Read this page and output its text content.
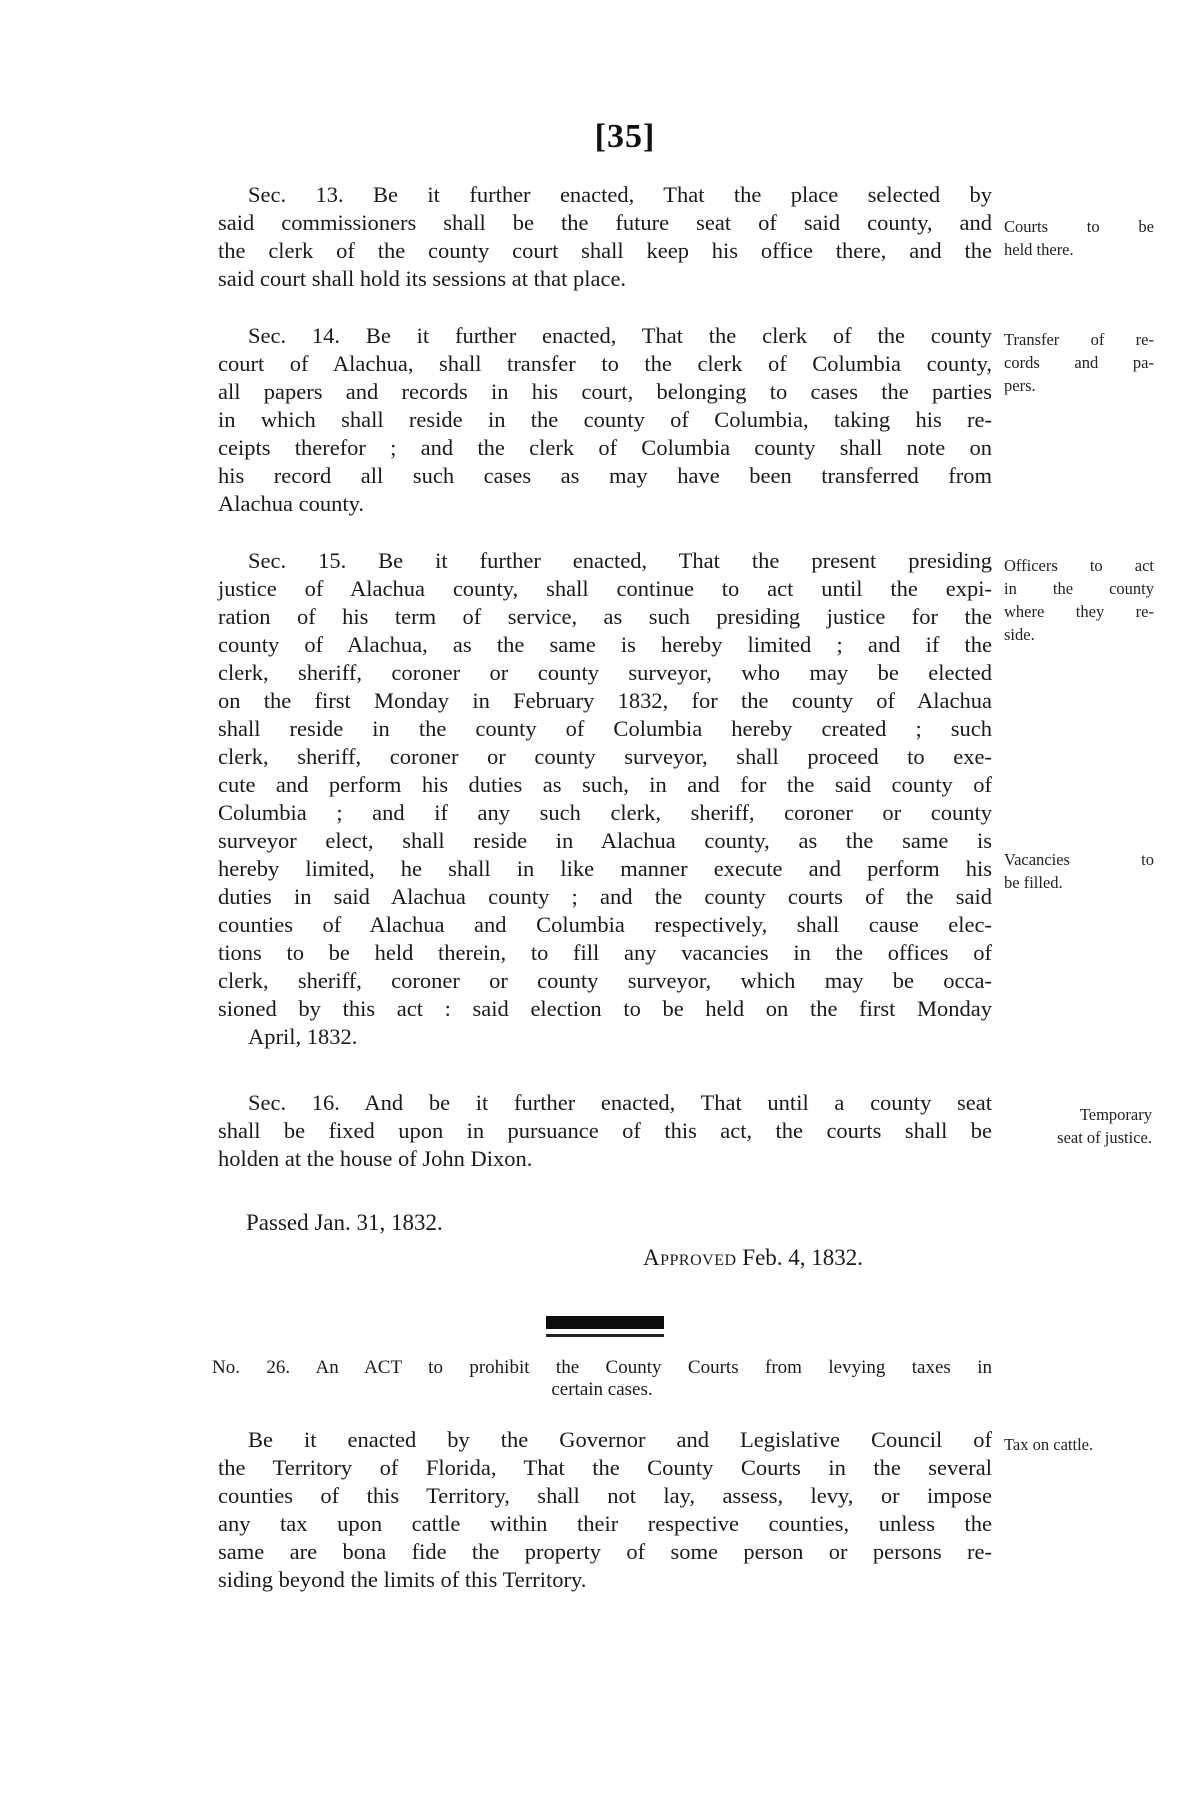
[35]
Sec. 13. Be it further enacted, That the place selected by
said commissioners shall be the future seat of said county, and
the clerk of the county court shall keep his office there, and the
said court shall hold its sessions at that place.
Courts to be
held there.
Sec. 14. Be it further enacted, That the clerk of the county
court of Alachua, shall transfer to the clerk of Columbia county,
all papers and records in his court, belonging to cases the parties
in which shall reside in the county of Columbia, taking his re-
ceipts therefor ; and the clerk of Columbia county shall note on
his record all such cases as may have been transferred from
Alachua county.
Transfer of re-
cords and pa-
pers.
Sec. 15. Be it further enacted, That the present presiding
justice of Alachua county, shall continue to act until the expi-
ration of his term of service, as such presiding justice for the
county of Alachua, as the same is hereby limited ; and if the
clerk, sheriff, coroner or county surveyor, who may be elected
on the first Monday in February 1832, for the county of Alachua
shall reside in the county of Columbia hereby created ; such
clerk, sheriff, coroner or county surveyor, shall proceed to exe-
cute and perform his duties as such, in and for the said county of
Columbia ; and if any such clerk, sheriff, coroner or county
surveyor elect, shall reside in Alachua county, as the same is
hereby limited, he shall in like manner execute and perform his
duties in said Alachua county ; and the county courts of the said
counties of Alachua and Columbia respectively, shall cause elec-
tions to be held therein, to fill any vacancies in the offices of
clerk, sheriff, coroner or county surveyor, which may be occa-
sioned by this act : said election to be held on the first Monday
April, 1832.
Officers to act
in the county
where they re-
side.
Vacancies to
be filled.
Sec. 16. And be it further enacted, That until a county seat
shall be fixed upon in pursuance of this act, the courts shall be
holden at the house of John Dixon.
Temporary
seat of justice.
Passed Jan. 31, 1832.
Approved Feb. 4, 1832.
No. 26. An ACT to prohibit the County Courts from levying taxes in
certain cases.
Be it enacted by the Governor and Legislative Council of
the Territory of Florida, That the County Courts in the several
counties of this Territory, shall not lay, assess, levy, or impose
any tax upon cattle within their respective counties, unless the
same are bona fide the property of some person or persons re-
siding beyond the limits of this Territory.
Tax on cattle.
